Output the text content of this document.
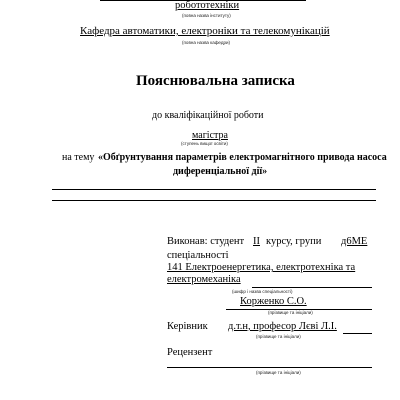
робототехніки
(повна назва інституту)
Кафедра автоматики, електроніки та телекомунікацій
(повна назва кафедри)
Пояснювальна записка
до кваліфікаційної роботи
магістра
(ступень вищої освіти)
на тему «Обґрунтування параметрів електромагнітного привода насоса
диференціальної дії»
Виконав: студент II курсу, групи д6МЕ
спеціальності
141 Електроенергетика, електротехніка та
електромеханіка
(шифр і назва спеціальності)
Корженко С.О.
(прізвище та ініціали)
Керівник д.т.н, професор Лєві Л.І.
(прізвище та ініціали)
Рецензент
(прізвище та ініціали)
